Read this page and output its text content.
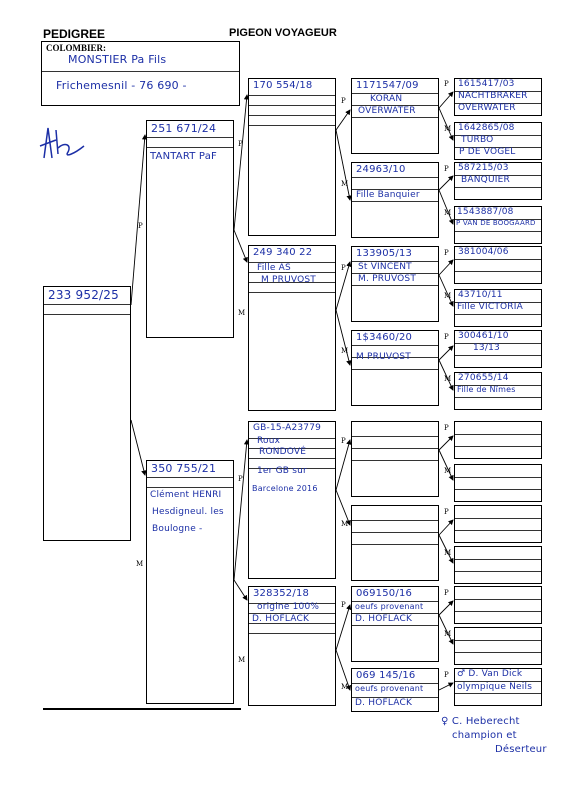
PEDIGREE	PIGEON VOYAGEUR
COLOMBIER:
MONSTIER Pa Fils
Frichemesnil - 76 690 -
233 952/25
251 671/24
TANTART PaF
350 755/21
Clément HENRI
Hesdigneul. les
Boulogne -
170 554/18
249 340 22
Fille AS
M PRUVOST
GB-15-A23779
Roux
RONDOVÉ
1er GB sur
Barcelone 2016
328352/18
origine 100%
D. HOFLACK
1171547/09
KORAN
OVERWATER
24963/10
Fille Banquier
133905/13
St VINCENT
M. PRUVOST
1$3460/20
M PRUVOST
069150/16
oeufs provenant
D. HOFLACK
069 145/16
oeufs provenant
D. HOFLACK
1615417/03
NACHTBRAKER
OVERWATER
1642865/08
TURBO
P DE VOGEL
587215/03
BANQUIER
1543887/08
P VAN DE BOOGAARD
381004/06
43710/11
Fille VICTORIA
300461/10
13/13
270655/14
Fille de Nîmes
♂ D. Van Dick
olympique Neils
♀ C. Heberecht
champion et
Déserteur
P
M
P
M
P
M
P
M
P
M
P
M
P
M
P
M
P
M
P
M
P
M
P
M
P
M
P
M
P
